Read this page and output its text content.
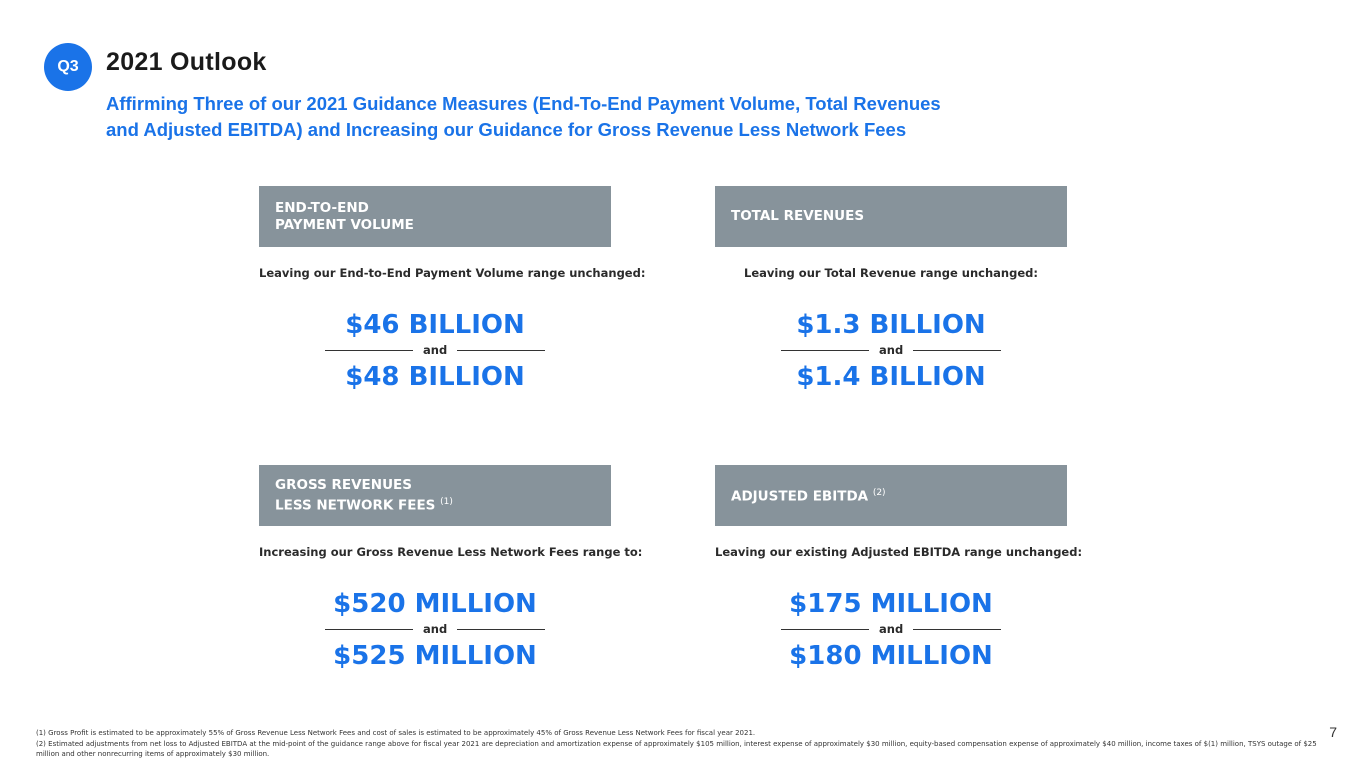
Q3	2021 Outlook
Affirming Three of our 2021 Guidance Measures (End-To-End Payment Volume, Total Revenues
and Adjusted EBITDA) and Increasing our Guidance for Gross Revenue Less Network Fees
END-TO-END
PAYMENT VOLUME
Leaving our End-to-End Payment Volume range unchanged:
$46 BILLION
and
$48 BILLION
TOTAL REVENUES
Leaving our Total Revenue range unchanged:
$1.3 BILLION
and
$1.4 BILLION
GROSS REVENUES
LESS NETWORK FEES $^{(1)}$
Increasing our Gross Revenue Less Network Fees range to:
$520 MILLION
and
$525 MILLION
ADJUSTED EBITDA $^{(2)}$
Leaving our existing Adjusted EBITDA range unchanged:
$175 MILLION
and
$180 MILLION

(1) Gross Profit is estimated to be approximately 55% of Gross Revenue Less Network Fees and cost of sales is estimated to be approximately 45% of Gross Revenue Less Network Fees for fiscal year 2021.

(2) Estimated adjustments from net loss to Adjusted EBITDA at the mid-point of the guidance range above for fiscal year 2021 are depreciation and amortization expense of approximately $105 million, interest expense of approximately $30 million, equity-based compensation expense of approximately $40 million, income taxes of $(1) million, TSYS outage of $25 million and other nonrecurring items of approximately $30 million.

7
